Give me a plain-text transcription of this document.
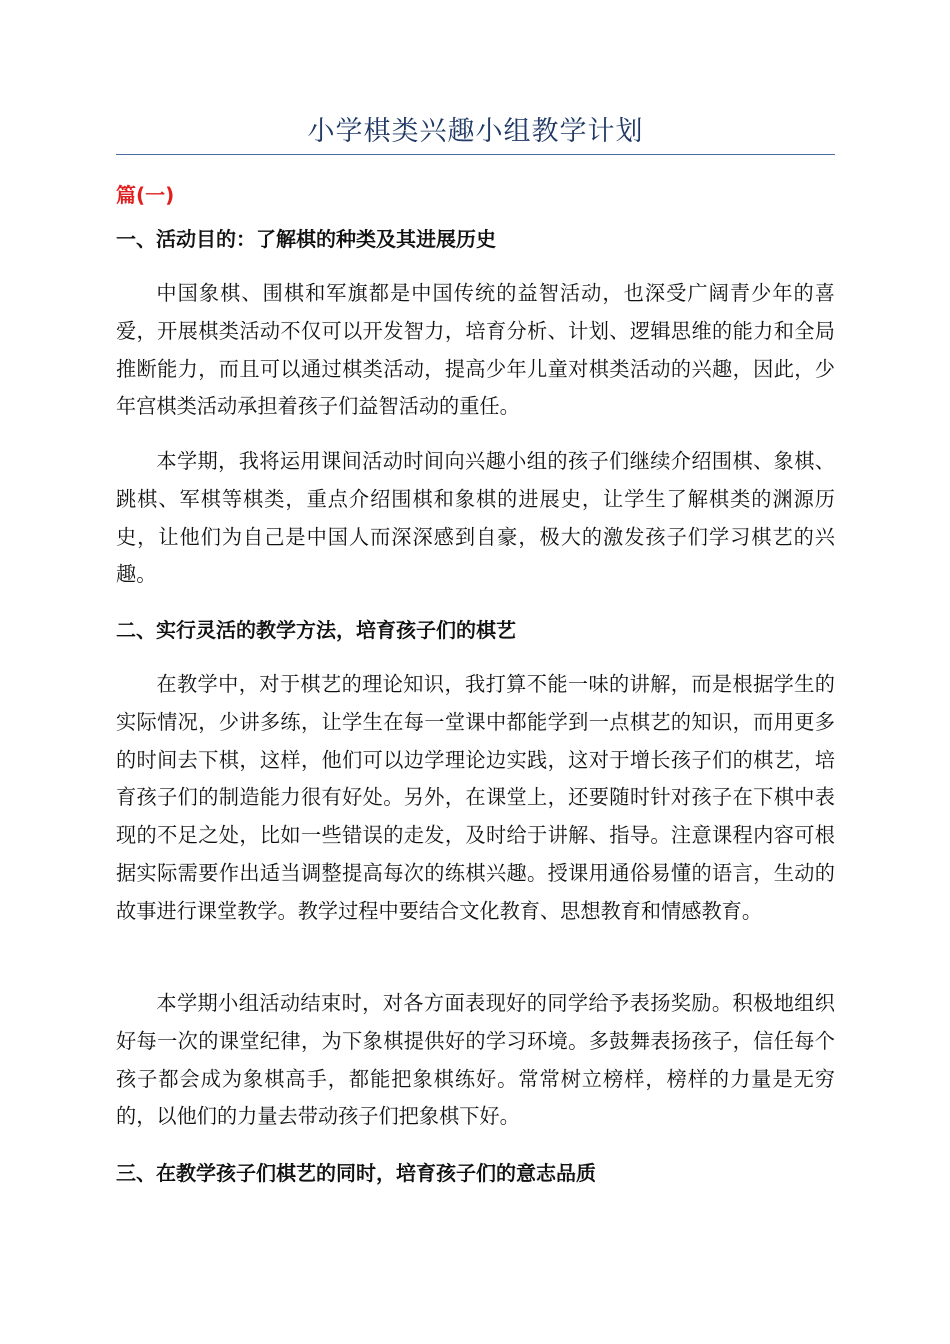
小学棋类兴趣小组教学计划
篇(一)
一、活动目的：了解棋的种类及其进展历史
中国象棋、围棋和军旗都是中国传统的益智活动，也深受广阔青少年的喜爱，开展棋类活动不仅可以开发智力，培育分析、计划、逻辑思维的能力和全局推断能力，而且可以通过棋类活动，提高少年儿童对棋类活动的兴趣，因此，少年宫棋类活动承担着孩子们益智活动的重任。
本学期，我将运用课间活动时间向兴趣小组的孩子们继续介绍围棋、象棋、跳棋、军棋等棋类，重点介绍围棋和象棋的进展史，让学生了解棋类的渊源历史，让他们为自己是中国人而深深感到自豪，极大的激发孩子们学习棋艺的兴趣。
二、实行灵活的教学方法，培育孩子们的棋艺
在教学中，对于棋艺的理论知识，我打算不能一味的讲解，而是根据学生的实际情况，少讲多练，让学生在每一堂课中都能学到一点棋艺的知识，而用更多的时间去下棋，这样，他们可以边学理论边实践，这对于增长孩子们的棋艺，培育孩子们的制造能力很有好处。另外，在课堂上，还要随时针对孩子在下棋中表现的不足之处，比如一些错误的走发，及时给于讲解、指导。注意课程内容可根据实际需要作出适当调整提高每次的练棋兴趣。授课用通俗易懂的语言，生动的故事进行课堂教学。教学过程中要结合文化教育、思想教育和情感教育。
本学期小组活动结束时，对各方面表现好的同学给予表扬奖励。积极地组织好每一次的课堂纪律，为下象棋提供好的学习环境。多鼓舞表扬孩子，信任每个孩子都会成为象棋高手，都能把象棋练好。常常树立榜样，榜样的力量是无穷的，以他们的力量去带动孩子们把象棋下好。
三、在教学孩子们棋艺的同时，培育孩子们的意志品质
